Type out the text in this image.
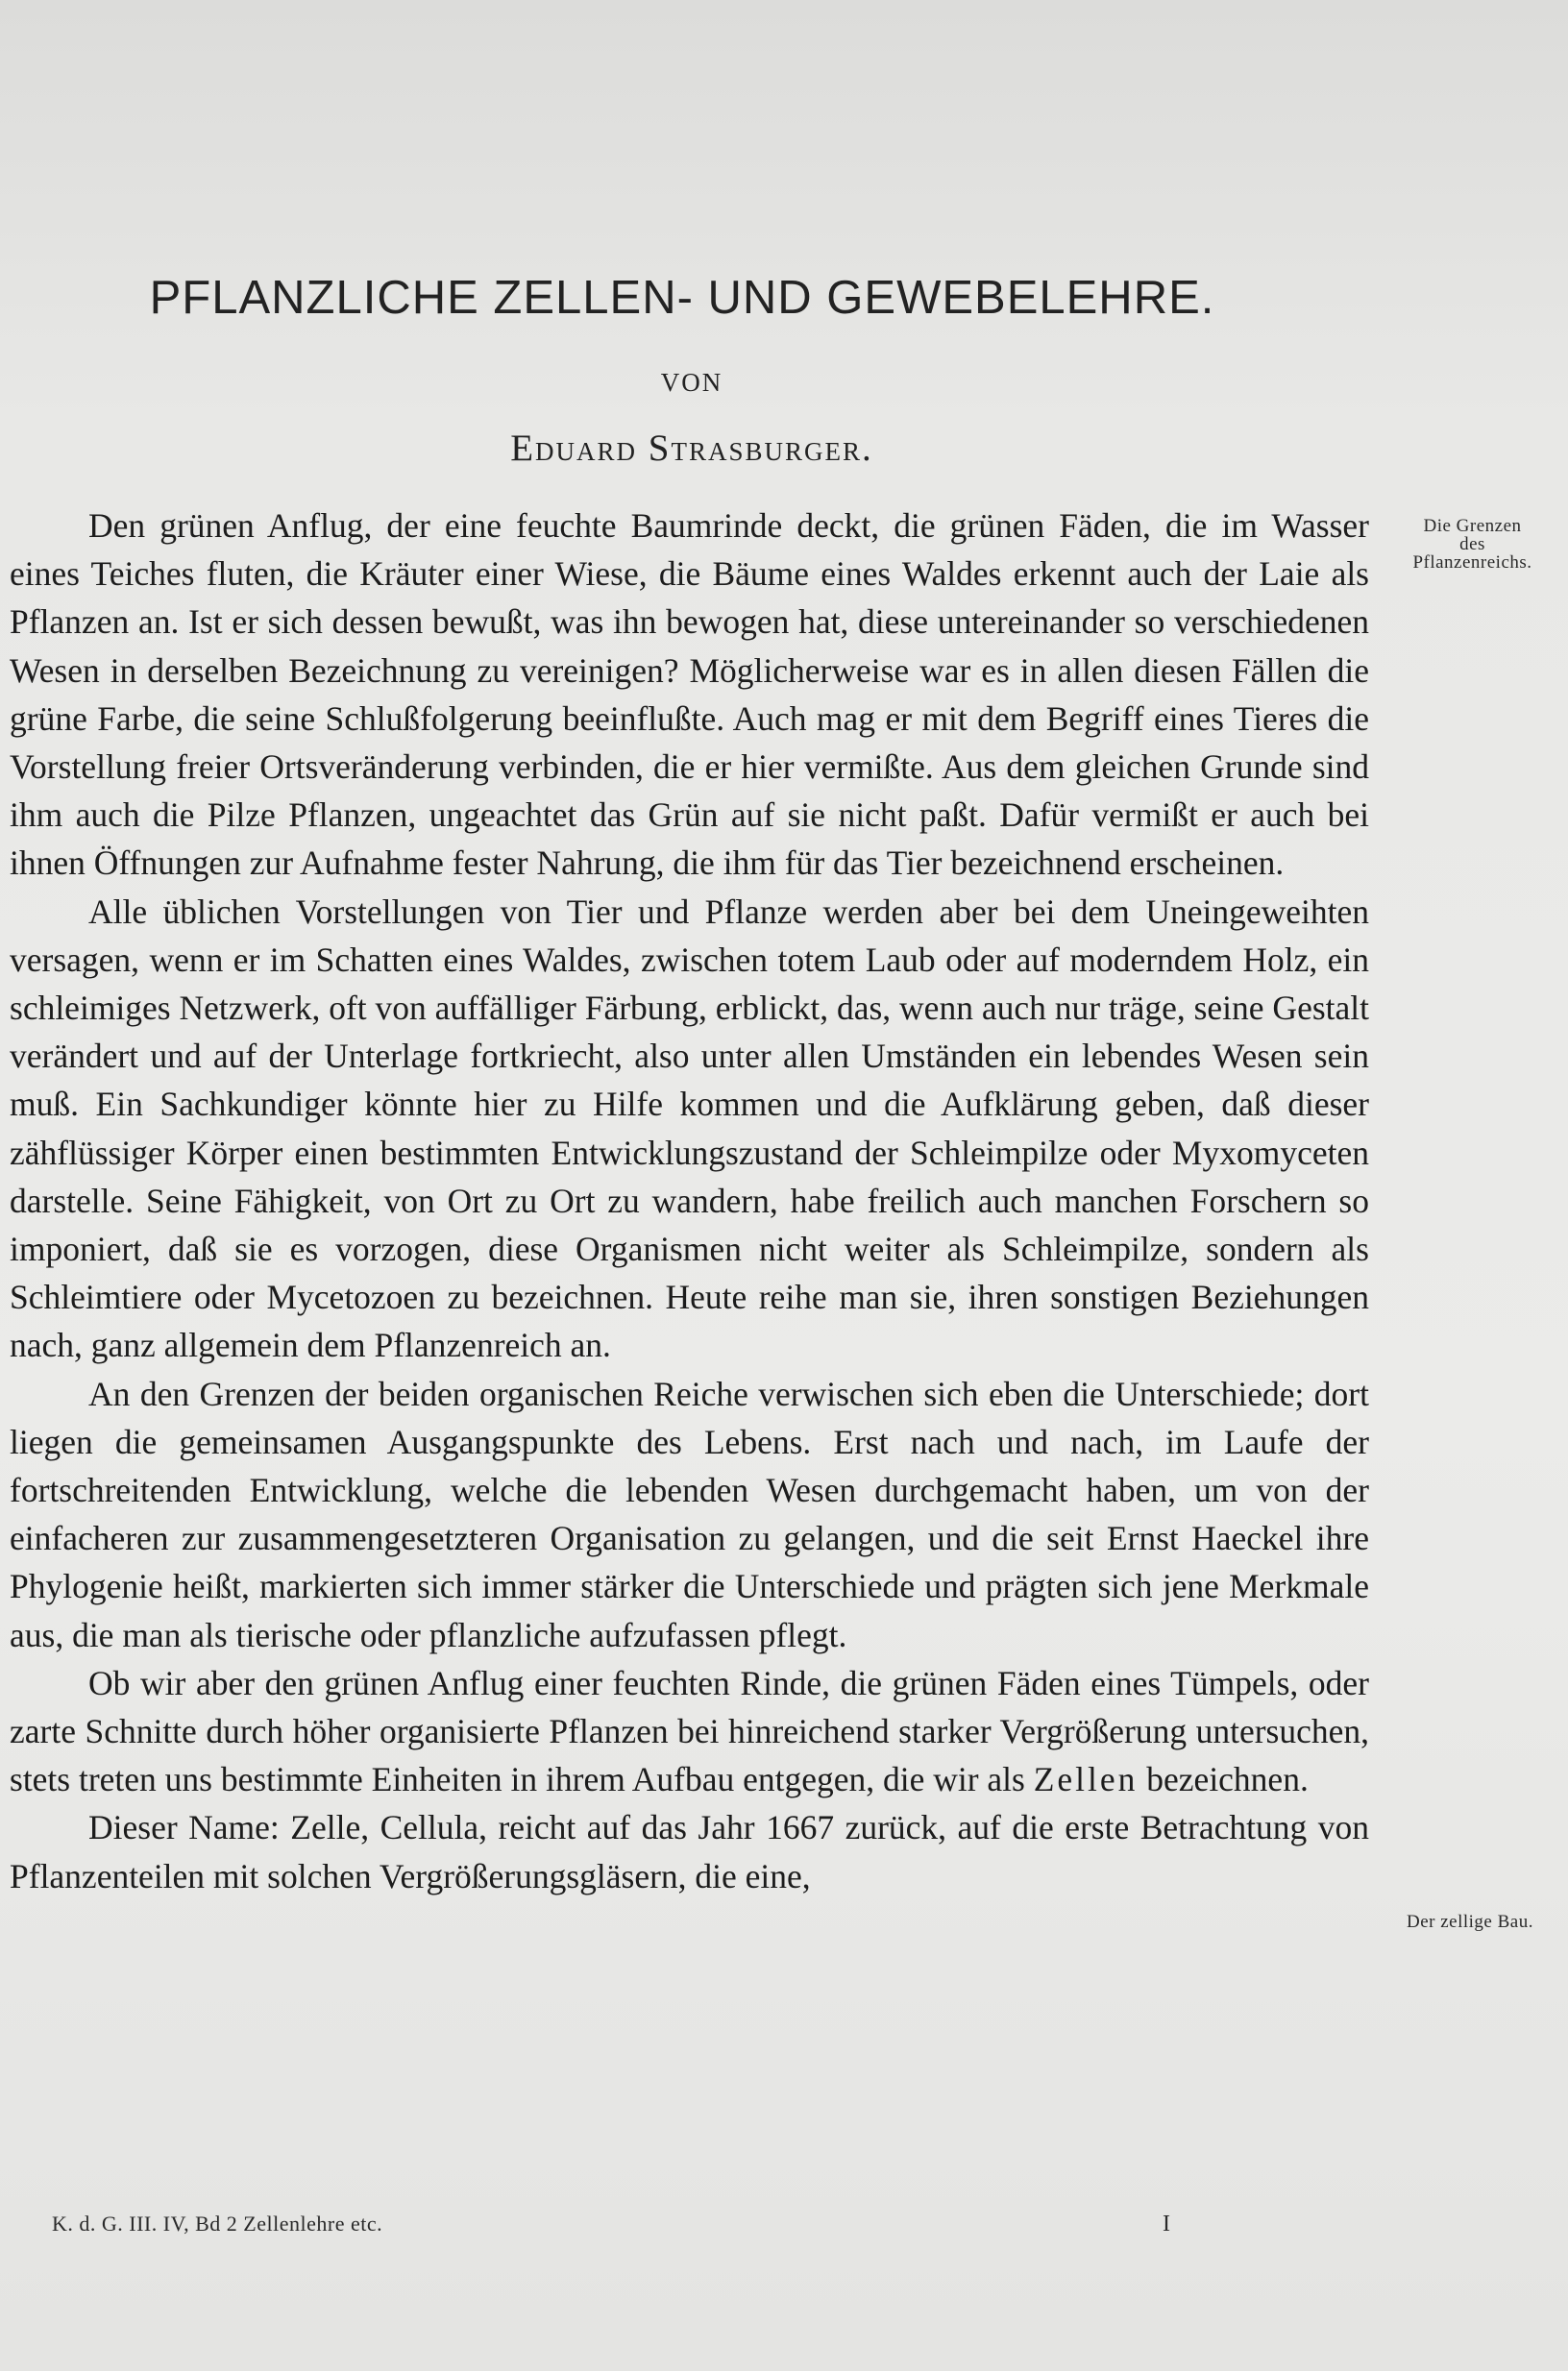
PFLANZLICHE ZELLEN- UND GEWEBELEHRE.
VON
Eduard Strasburger.
Die Grenzen
des
Pflanzenreichs.
Der zellige Bau.

Den grünen Anflug, der eine feuchte Baumrinde deckt, die grünen Fäden, die im Wasser eines Teiches fluten, die Kräuter einer Wiese, die Bäume eines Waldes erkennt auch der Laie als Pflanzen an. Ist er sich dessen bewußt, was ihn bewogen hat, diese untereinander so verschiedenen Wesen in derselben Bezeichnung zu vereinigen? Möglicherweise war es in allen diesen Fällen die grüne Farbe, die seine Schlußfolgerung beeinflußte. Auch mag er mit dem Begriff eines Tieres die Vorstellung freier Ortsveränderung verbinden, die er hier vermißte. Aus dem gleichen Grunde sind ihm auch die Pilze Pflanzen, ungeachtet das Grün auf sie nicht paßt. Dafür vermißt er auch bei ihnen Öffnungen zur Aufnahme fester Nahrung, die ihm für das Tier bezeichnend erscheinen.

Alle üblichen Vorstellungen von Tier und Pflanze werden aber bei dem Uneingeweihten versagen, wenn er im Schatten eines Waldes, zwischen totem Laub oder auf moderndem Holz, ein schleimiges Netzwerk, oft von auffälliger Färbung, erblickt, das, wenn auch nur träge, seine Gestalt verändert und auf der Unterlage fortkriecht, also unter allen Umständen ein lebendes Wesen sein muß. Ein Sachkundiger könnte hier zu Hilfe kommen und die Aufklärung geben, daß dieser zähflüssiger Körper einen bestimmten Entwicklungszustand der Schleimpilze oder Myxomyceten darstelle. Seine Fähigkeit, von Ort zu Ort zu wandern, habe freilich auch manchen Forschern so imponiert, daß sie es vorzogen, diese Organismen nicht weiter als Schleimpilze, sondern als Schleimtiere oder Mycetozoen zu bezeichnen. Heute reihe man sie, ihren sonstigen Beziehungen nach, ganz allgemein dem Pflanzenreich an.

An den Grenzen der beiden organischen Reiche verwischen sich eben die Unterschiede; dort liegen die gemeinsamen Ausgangspunkte des Lebens. Erst nach und nach, im Laufe der fortschreitenden Entwicklung, welche die lebenden Wesen durchgemacht haben, um von der einfacheren zur zusammengesetzteren Organisation zu gelangen, und die seit Ernst Haeckel ihre Phylogenie heißt, markierten sich immer stärker die Unterschiede und prägten sich jene Merkmale aus, die man als tierische oder pflanzliche aufzufassen pflegt.

Ob wir aber den grünen Anflug einer feuchten Rinde, die grünen Fäden eines Tümpels, oder zarte Schnitte durch höher organisierte Pflanzen bei hinreichend starker Vergrößerung untersuchen, stets treten uns bestimmte Einheiten in ihrem Aufbau entgegen, die wir als Zellen bezeichnen.

Dieser Name: Zelle, Cellula, reicht auf das Jahr 1667 zurück, auf die erste Betrachtung von Pflanzenteilen mit solchen Vergrößerungsgläsern, die eine,

K. d. G. III. IV, Bd 2 Zellenlehre etc.	I
